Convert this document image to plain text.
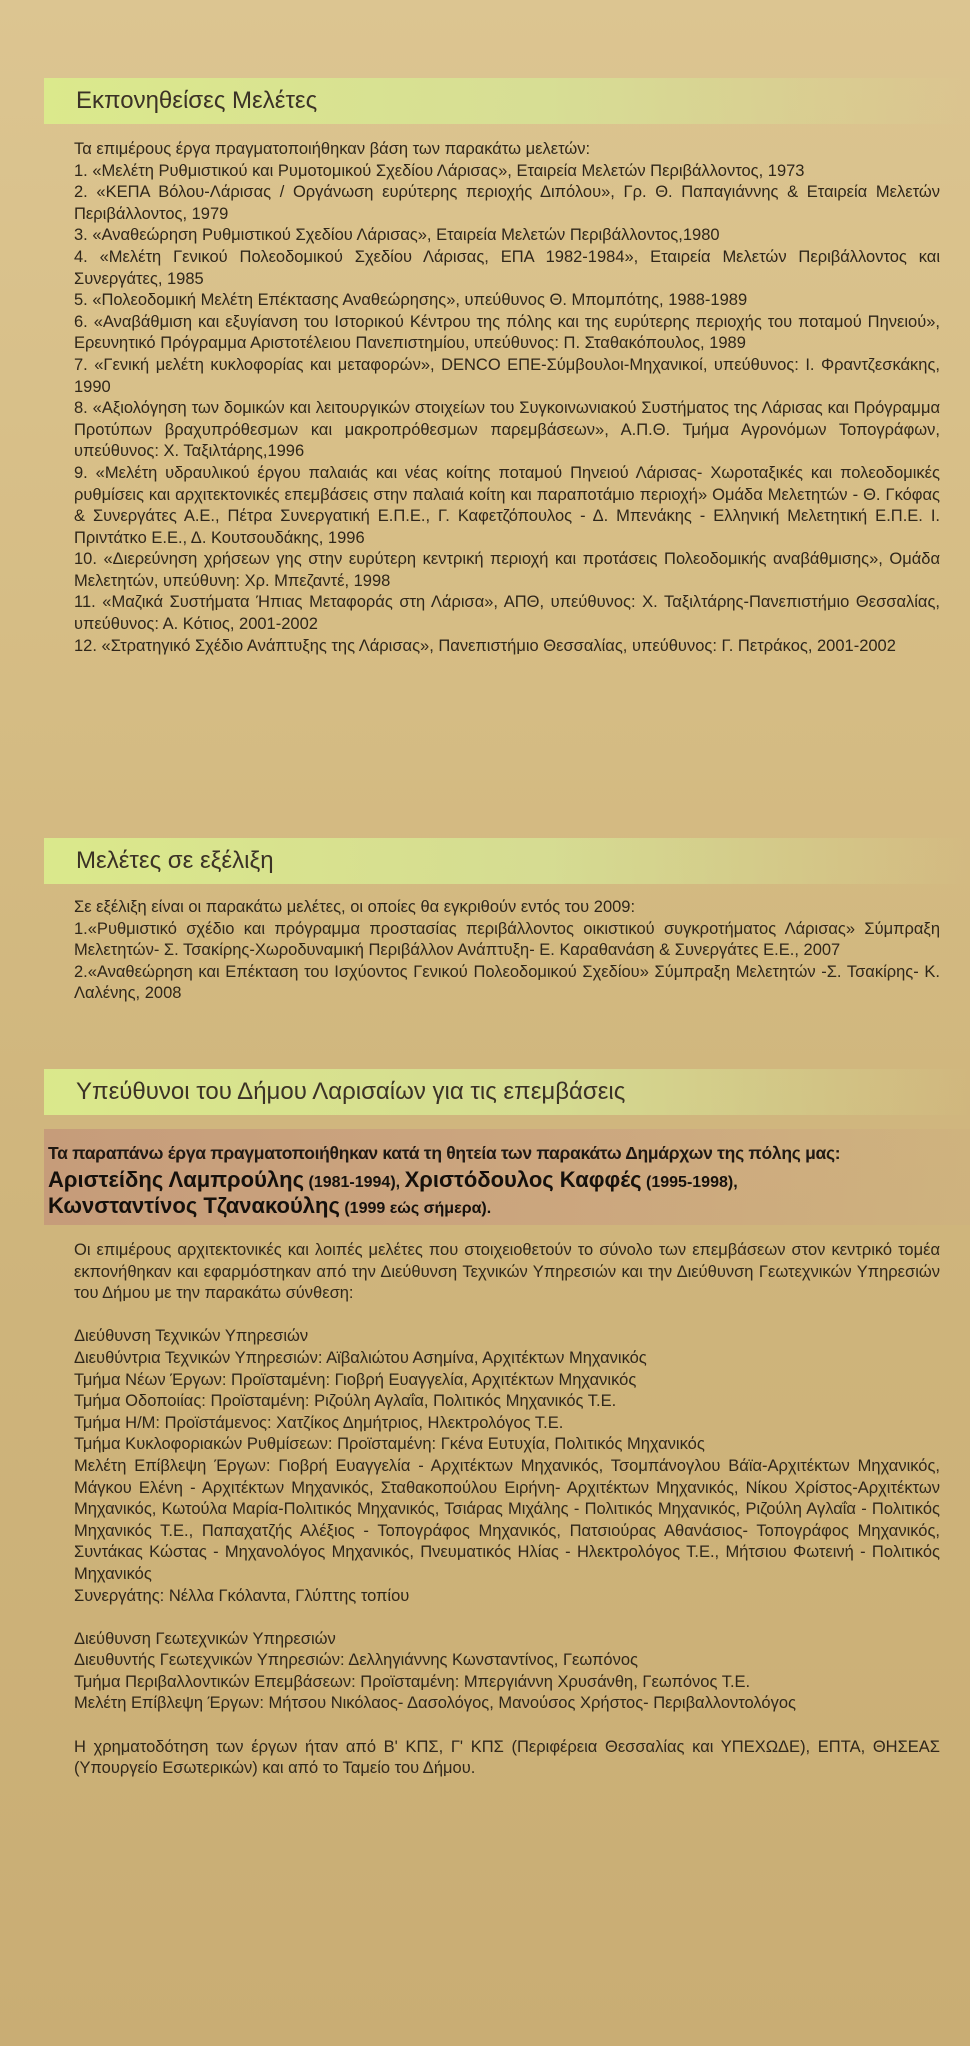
Εκπονηθείσες Μελέτες

Τα επιμέρους έργα πραγματοποιήθηκαν βάση των παρακάτω μελετών:

1. «Μελέτη Ρυθμιστικού και Ρυμοτομικού Σχεδίου Λάρισας», Εταιρεία Μελετών Περιβάλλοντος, 1973

2. «ΚΕΠΑ Βόλου-Λάρισας / Οργάνωση ευρύτερης περιοχής Διπόλου», Γρ. Θ. Παπαγιάννης & Εταιρεία Μελετών Περιβάλλοντος, 1979

3. «Αναθεώρηση Ρυθμιστικού Σχεδίου Λάρισας», Εταιρεία Μελετών Περιβάλλοντος,1980

4. «Μελέτη Γενικού Πολεοδομικού Σχεδίου Λάρισας, ΕΠΑ 1982-1984», Εταιρεία Μελετών Περιβάλλοντος και Συνεργάτες, 1985

5. «Πολεοδομική Μελέτη Επέκτασης Αναθεώρησης», υπεύθυνος Θ. Μπομπότης, 1988-1989

6. «Αναβάθμιση και εξυγίανση του Ιστορικού Κέντρου της πόλης και της ευρύτερης περιοχής του ποταμού Πηνειού», Ερευνητικό Πρόγραμμα Αριστοτέλειου Πανεπιστημίου, υπεύθυνος: Π. Σταθακόπουλος, 1989

7. «Γενική μελέτη κυκλοφορίας και μεταφορών», DENCO ΕΠΕ-Σύμβουλοι-Μηχανικοί, υπεύθυνος: Ι. Φραντζεσκάκης, 1990

8. «Αξιολόγηση των δομικών και λειτουργικών στοιχείων του Συγκοινωνιακού Συστήματος της Λάρισας και Πρόγραμμα Προτύπων βραχυπρόθεσμων και μακροπρόθεσμων παρεμβάσεων», Α.Π.Θ. Τμήμα Αγρονόμων Τοπογράφων, υπεύθυνος: Χ. Ταξιλτάρης,1996

9. «Μελέτη υδραυλικού έργου παλαιάς και νέας κοίτης ποταμού Πηνειού Λάρισας- Χωροταξικές και πολεοδομικές ρυθμίσεις και αρχιτεκτονικές επεμβάσεις στην παλαιά κοίτη και παραποτάμιο περιοχή» Ομάδα Μελετητών - Θ. Γκόφας & Συνεργάτες Α.Ε., Πέτρα Συνεργατική Ε.Π.Ε., Γ. Καφετζόπουλος - Δ. Μπενάκης - Ελληνική Μελετητική Ε.Π.Ε. Ι. Πριντάτκο Ε.Ε., Δ. Κουτσουδάκης, 1996

10. «Διερεύνηση χρήσεων γης στην ευρύτερη κεντρική περιοχή και προτάσεις Πολεοδομικής αναβάθμισης», Ομάδα Μελετητών, υπεύθυνη: Χρ. Μπεζαντέ, 1998

11. «Μαζικά Συστήματα Ήπιας Μεταφοράς στη Λάρισα», ΑΠΘ, υπεύθυνος: Χ. Ταξιλτάρης-Πανεπιστήμιο Θεσσαλίας, υπεύθυνος: Α. Κότιος, 2001-2002

12. «Στρατηγικό Σχέδιο Ανάπτυξης της Λάρισας», Πανεπιστήμιο Θεσσαλίας, υπεύθυνος: Γ. Πετράκος, 2001-2002

Μελέτες σε εξέλιξη

Σε εξέλιξη είναι οι παρακάτω μελέτες, οι οποίες θα εγκριθούν εντός του 2009:

1.«Ρυθμιστικό σχέδιο και πρόγραμμα προστασίας περιβάλλοντος οικιστικού συγκροτήματος Λάρισας» Σύμπραξη Μελετητών- Σ. Τσακίρης-Χωροδυναμική Περιβάλλον Ανάπτυξη- Ε. Καραθανάση & Συνεργάτες Ε.Ε., 2007

2.«Αναθεώρηση και Επέκταση του Ισχύοντος Γενικού Πολεοδομικού Σχεδίου» Σύμπραξη Μελετητών -Σ. Τσακίρης- Κ. Λαλένης, 2008

Υπεύθυνοι του Δήμου Λαρισαίων για τις επεμβάσεις
Τα παραπάνω έργα πραγματοποιήθηκαν κατά τη θητεία των παρακάτω Δημάρχων της πόλης μας:
Αριστείδης Λαμπρούλης (1981-1994), Χριστόδουλος Καφφές (1995-1998),
Κωνσταντίνος Τζανακούλης (1999 εώς σήμερα).

Οι επιμέρους αρχιτεκτονικές και λοιπές μελέτες που στοιχειοθετούν το σύνολο των επεμβάσεων στον κεντρικό τομέα εκπονήθηκαν και εφαρμόστηκαν από την Διεύθυνση Τεχνικών Υπηρεσιών και την Διεύθυνση Γεωτεχνικών Υπηρεσιών του Δήμου με την παρακάτω σύνθεση:

Διεύθυνση Τεχνικών Υπηρεσιών

Διευθύντρια Τεχνικών Υπηρεσιών: Αϊβαλιώτου Ασημίνα, Αρχιτέκτων Μηχανικός

Τμήμα Νέων Έργων: Προϊσταμένη: Γιοβρή Ευαγγελία, Αρχιτέκτων Μηχανικός

Τμήμα Οδοποιίας: Προϊσταμένη: Ριζούλη Αγλαΐα, Πολιτικός Μηχανικός Τ.Ε.

Τμήμα Η/Μ: Προϊστάμενος: Χατζίκος Δημήτριος, Ηλεκτρολόγος Τ.Ε.

Τμήμα Κυκλοφοριακών Ρυθμίσεων: Προϊσταμένη: Γκένα Ευτυχία, Πολιτικός Μηχανικός

Μελέτη Επίβλεψη Έργων: Γιοβρή Ευαγγελία - Αρχιτέκτων Μηχανικός, Τσομπάνογλου Βάϊα-Αρχιτέκτων Μηχανικός, Μάγκου Ελένη - Αρχιτέκτων Μηχανικός, Σταθακοπούλου Ειρήνη- Αρχιτέκτων Μηχανικός, Νίκου Χρίστος-Αρχιτέκτων Μηχανικός, Κωτούλα Μαρία-Πολιτικός Μηχανικός, Τσιάρας Μιχάλης - Πολιτικός Μηχανικός, Ριζούλη Αγλαΐα - Πολιτικός Μηχανικός Τ.Ε., Παπαχατζής Αλέξιος - Τοπογράφος Μηχανικός, Πατσιούρας Αθανάσιος- Τοπογράφος Μηχανικός, Συντάκας Κώστας - Μηχανολόγος Μηχανικός, Πνευματικός Ηλίας - Ηλεκτρολόγος Τ.Ε., Μήτσιου Φωτεινή - Πολιτικός Μηχανικός

Συνεργάτης: Νέλλα Γκόλαντα, Γλύπτης τοπίου

Διεύθυνση Γεωτεχνικών Υπηρεσιών

Διευθυντής Γεωτεχνικών Υπηρεσιών: Δελληγιάννης Κωνσταντίνος, Γεωπόνος

Τμήμα Περιβαλλοντικών Επεμβάσεων: Προϊσταμένη: Μπεργιάννη Χρυσάνθη, Γεωπόνος Τ.Ε.

Μελέτη Επίβλεψη Έργων: Μήτσου Νικόλαος- Δασολόγος, Μανούσος Χρήστος- Περιβαλλοντολόγος

Η χρηματοδότηση των έργων ήταν από Β' ΚΠΣ, Γ' ΚΠΣ (Περιφέρεια Θεσσαλίας και ΥΠΕΧΩΔΕ), ΕΠΤΑ, ΘΗΣΕΑΣ (Υπουργείο Εσωτερικών) και από το Ταμείο του Δήμου.
